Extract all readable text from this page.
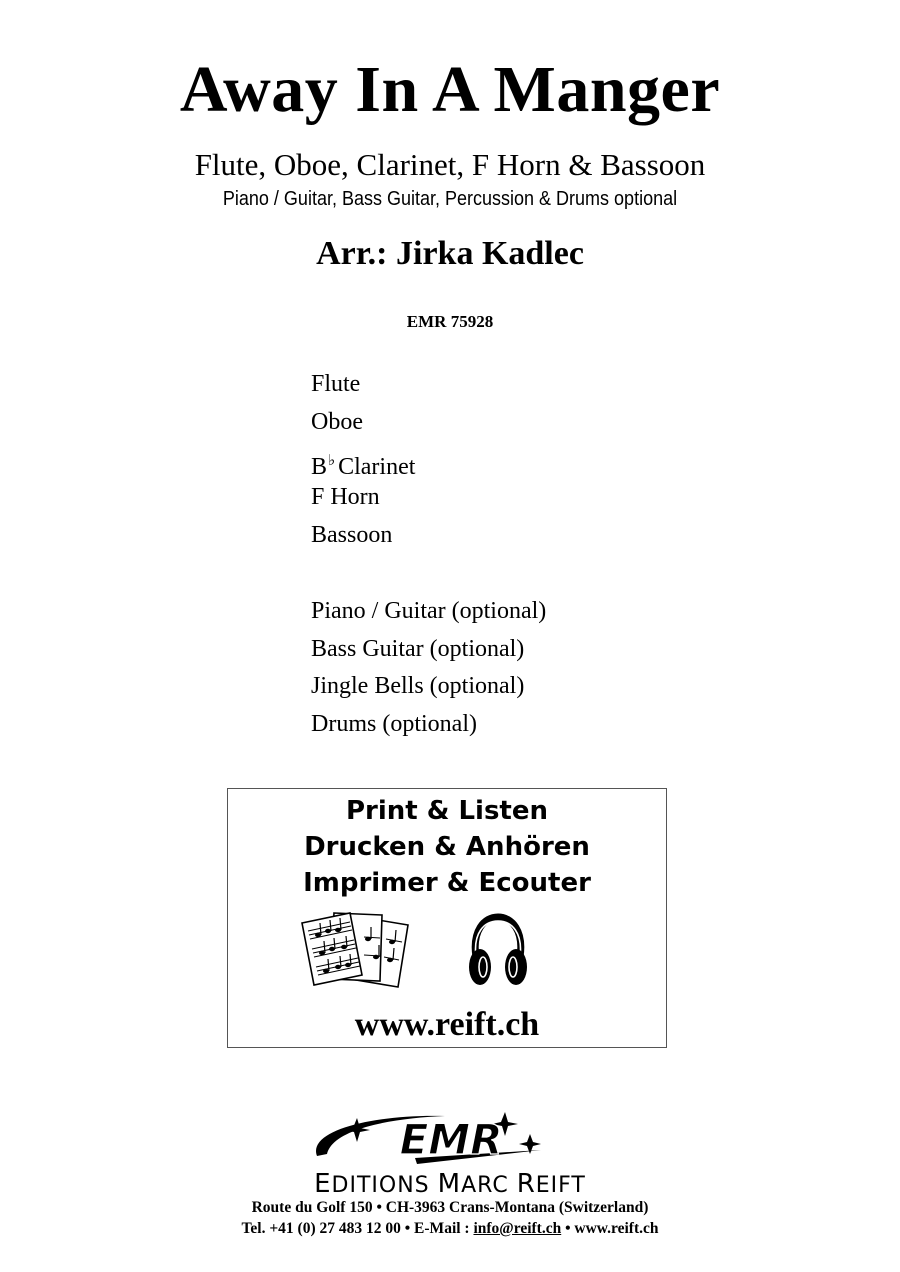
Away In A Manger
Flute, Oboe, Clarinet, F Horn & Bassoon
Piano / Guitar, Bass Guitar, Percussion & Drums optional
Arr.: Jirka Kadlec
EMR 75928
Flute
Oboe
B♭ Clarinet
F Horn
Bassoon
Piano / Guitar (optional)
Bass Guitar (optional)
Jingle Bells (optional)
Drums (optional)
Print & Listen
Drucken & Anhören
Imprimer & Ecouter
www.reift.ch
EMR
EDITIONS MARC REIFT
Route du Golf 150 • CH-3963 Crans-Montana (Switzerland)
Tel. +41 (0) 27 483 12 00 • E-Mail : info@reift.ch • www.reift.ch
